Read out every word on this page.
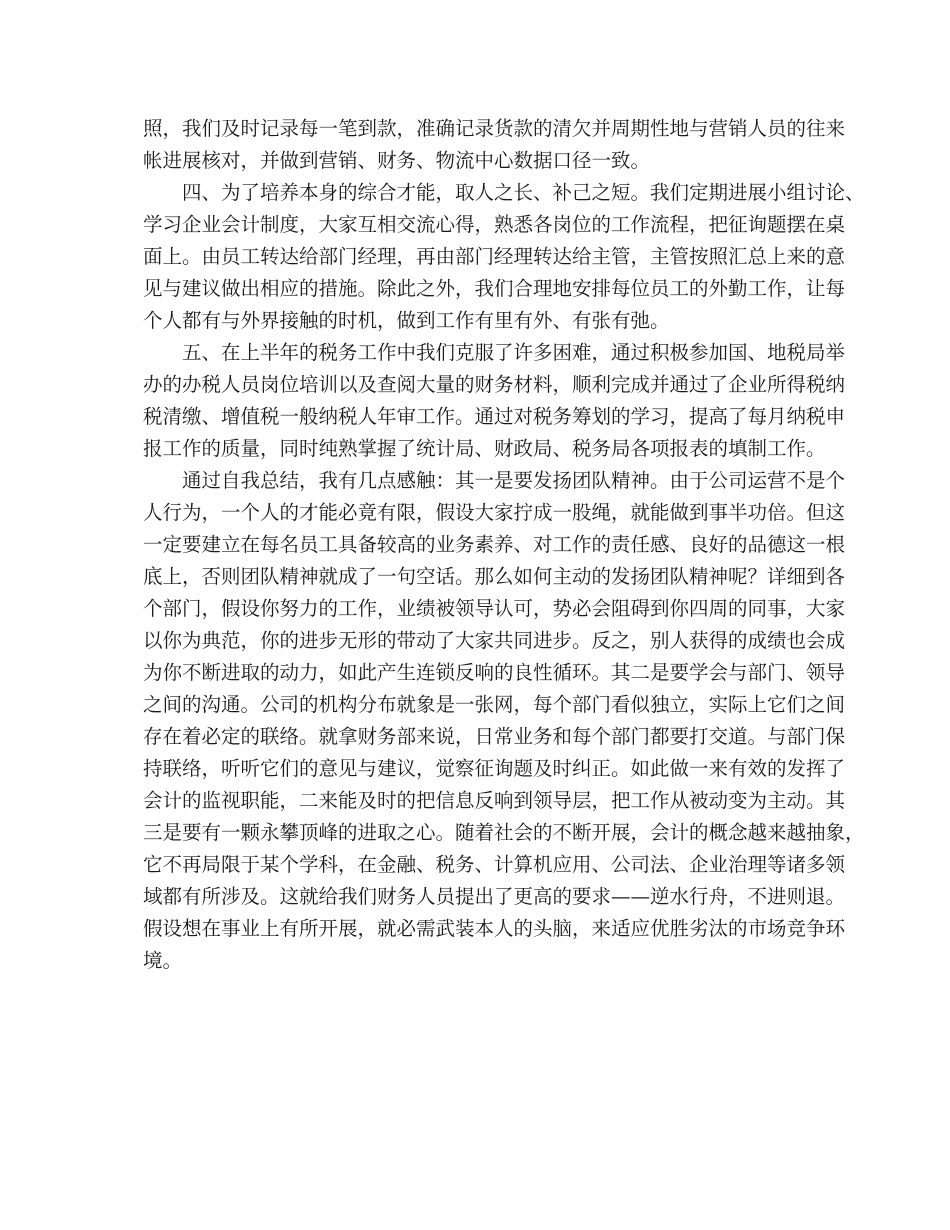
照，我们及时记录每一笔到款，准确记录货款的清欠并周期性地与营销人员的往来
帐进展核对，并做到营销、财务、物流中心数据口径一致。
四、为了培养本身的综合才能，取人之长、补己之短。我们定期进展小组讨论、
学习企业会计制度，大家互相交流心得，熟悉各岗位的工作流程，把征询题摆在桌
面上。由员工转达给部门经理，再由部门经理转达给主管，主管按照汇总上来的意
见与建议做出相应的措施。除此之外，我们合理地安排每位员工的外勤工作，让每
个人都有与外界接触的时机，做到工作有里有外、有张有弛。
五、在上半年的税务工作中我们克服了许多困难，通过积极参加国、地税局举
办的办税人员岗位培训以及查阅大量的财务材料，顺利完成并通过了企业所得税纳
税清缴、增值税一般纳税人年审工作。通过对税务筹划的学习，提高了每月纳税申
报工作的质量，同时纯熟掌握了统计局、财政局、税务局各项报表的填制工作。
通过自我总结，我有几点感触：其一是要发扬团队精神。由于公司运营不是个
人行为，一个人的才能必竟有限，假设大家拧成一股绳，就能做到事半功倍。但这
一定要建立在每名员工具备较高的业务素养、对工作的责任感、良好的品德这一根
底上，否则团队精神就成了一句空话。那么如何主动的发扬团队精神呢？详细到各
个部门，假设你努力的工作，业绩被领导认可，势必会阻碍到你四周的同事，大家
以你为典范，你的进步无形的带动了大家共同进步。反之，别人获得的成绩也会成
为你不断进取的动力，如此产生连锁反响的良性循环。其二是要学会与部门、领导
之间的沟通。公司的机构分布就象是一张网，每个部门看似独立，实际上它们之间
存在着必定的联络。就拿财务部来说，日常业务和每个部门都要打交道。与部门保
持联络，听听它们的意见与建议，觉察征询题及时纠正。如此做一来有效的发挥了
会计的监视职能，二来能及时的把信息反响到领导层，把工作从被动变为主动。其
三是要有一颗永攀顶峰的进取之心。随着社会的不断开展，会计的概念越来越抽象，
它不再局限于某个学科，在金融、税务、计算机应用、公司法、企业治理等诸多领
域都有所涉及。这就给我们财务人员提出了更高的要求——逆水行舟，不进则退。
假设想在事业上有所开展，就必需武装本人的头脑，来适应优胜劣汰的市场竞争环
境。
